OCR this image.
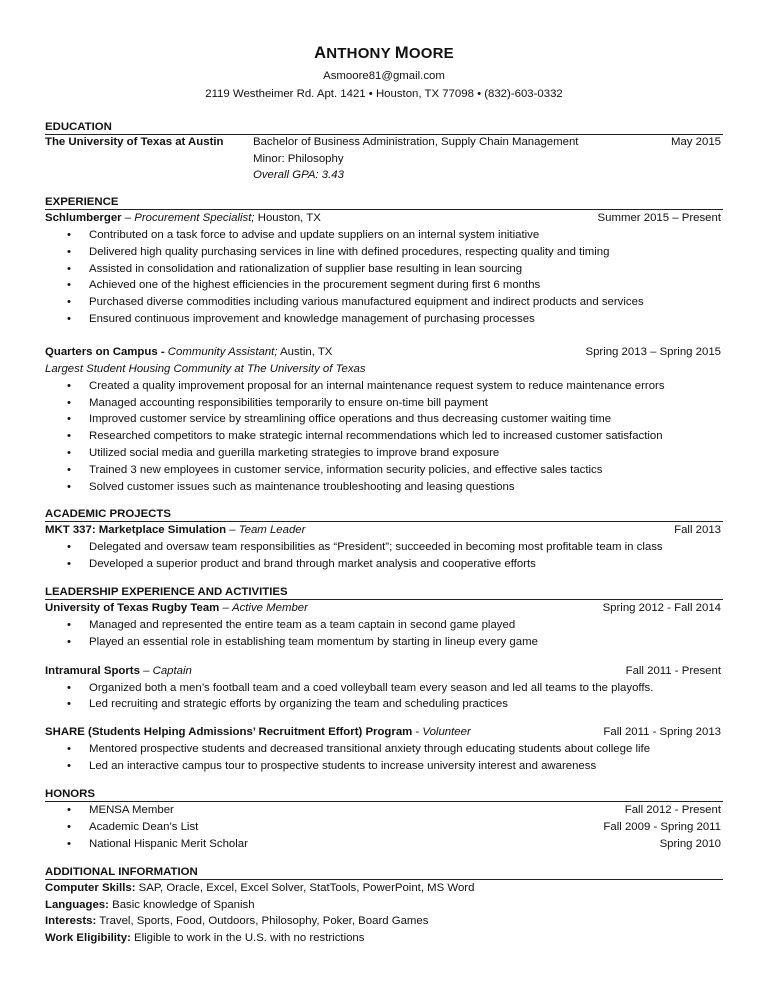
ANTHONY MOORE
Asmoore81@gmail.com
2119 Westheimer Rd. Apt. 1421 • Houston, TX 77098 • (832)-603-0332
EDUCATION
The University of Texas at Austin	Bachelor of Business Administration, Supply Chain Management	May 2015
Minor: Philosophy
Overall GPA: 3.43
EXPERIENCE
Schlumberger – Procurement Specialist; Houston, TX	Summer 2015 – Present
• Contributed on a task force to advise and update suppliers on an internal system initiative
• Delivered high quality purchasing services in line with defined procedures, respecting quality and timing
• Assisted in consolidation and rationalization of supplier base resulting in lean sourcing
• Achieved one of the highest efficiencies in the procurement segment during first 6 months
• Purchased diverse commodities including various manufactured equipment and indirect products and services
• Ensured continuous improvement and knowledge management of purchasing processes
Quarters on Campus - Community Assistant; Austin, TX	Spring 2013 – Spring 2015
Largest Student Housing Community at The University of Texas
• Created a quality improvement proposal for an internal maintenance request system to reduce maintenance errors
• Managed accounting responsibilities temporarily to ensure on-time bill payment
• Improved customer service by streamlining office operations and thus decreasing customer waiting time
• Researched competitors to make strategic internal recommendations which led to increased customer satisfaction
• Utilized social media and guerilla marketing strategies to improve brand exposure
• Trained 3 new employees in customer service, information security policies, and effective sales tactics
• Solved customer issues such as maintenance troubleshooting and leasing questions
ACADEMIC PROJECTS
MKT 337: Marketplace Simulation – Team Leader	Fall 2013
• Delegated and oversaw team responsibilities as “President”; succeeded in becoming most profitable team in class
• Developed a superior product and brand through market analysis and cooperative efforts
LEADERSHIP EXPERIENCE AND ACTIVITIES
University of Texas Rugby Team – Active Member	Spring 2012 - Fall 2014
• Managed and represented the entire team as a team captain in second game played
• Played an essential role in establishing team momentum by starting in lineup every game
Intramural Sports – Captain	Fall 2011 - Present
• Organized both a men’s football team and a coed volleyball team every season and led all teams to the playoffs.
• Led recruiting and strategic efforts by organizing the team and scheduling practices
SHARE (Students Helping Admissions’ Recruitment Effort) Program - Volunteer	Fall 2011 - Spring 2013
• Mentored prospective students and decreased transitional anxiety through educating students about college life
• Led an interactive campus tour to prospective students to increase university interest and awareness
HONORS
• MENSA Member	Fall 2012 - Present
• Academic Dean’s List	Fall 2009 - Spring 2011
• National Hispanic Merit Scholar	Spring 2010
ADDITIONAL INFORMATION
Computer Skills: SAP, Oracle, Excel, Excel Solver, StatTools, PowerPoint, MS Word
Languages: Basic knowledge of Spanish
Interests: Travel, Sports, Food, Outdoors, Philosophy, Poker, Board Games
Work Eligibility: Eligible to work in the U.S. with no restrictions
